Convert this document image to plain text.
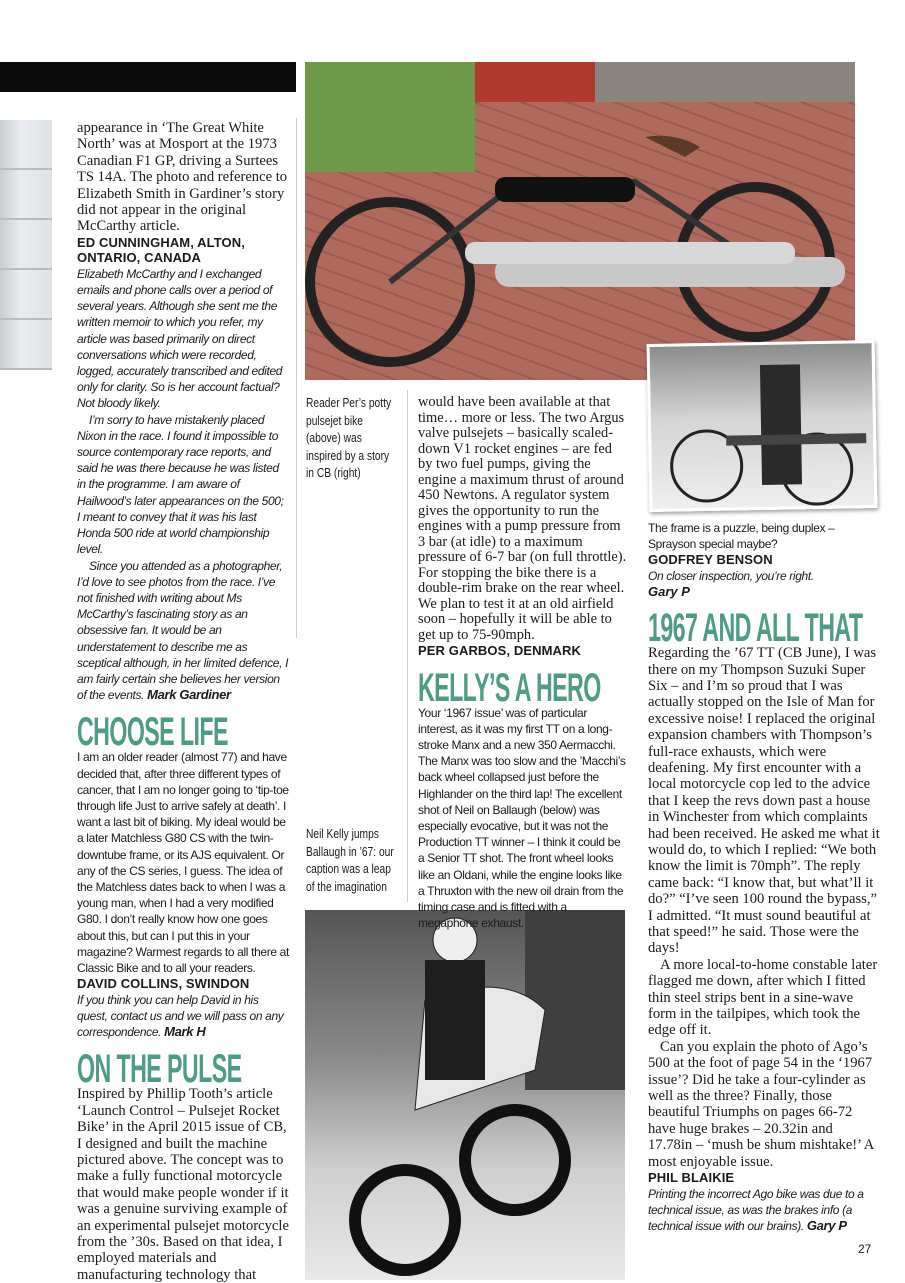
appearance in ‘The Great White North’ was at Mosport at the 1973 Canadian F1 GP, driving a Surtees TS 14A. The photo and reference to Elizabeth Smith in Gardiner’s story did not appear in the original McCarthy article.

ED CUNNINGHAM, ALTON, ONTARIO, CANADA

Elizabeth McCarthy and I exchanged emails and phone calls over a period of several years. Although she sent me the written memoir to which you refer, my article was based primarily on direct conversations which were recorded, logged, accurately transcribed and edited only for clarity. So is her account factual? Not bloody likely.

I’m sorry to have mistakenly placed Nixon in the race. I found it impossible to source contemporary race reports, and said he was there because he was listed in the programme. I am aware of Hailwood’s later appearances on the 500; I meant to convey that it was his last Honda 500 ride at world championship level.

Since you attended as a photographer, I’d love to see photos from the race. I’ve not finished with writing about Ms McCarthy’s fascinating story as an obsessive fan. It would be an understatement to describe me as sceptical although, in her limited defence, I am fairly certain she believes her version of the events. Mark Gardiner

CHOOSE LIFE

I am an older reader (almost 77) and have decided that, after three different types of cancer, that I am no longer going to ‘tip-toe through life Just to arrive safely at death’. I want a last bit of biking. My ideal would be a later Matchless G80 CS with the twin-downtube frame, or its AJS equivalent. Or any of the CS series, I guess. The idea of the Matchless dates back to when I was a young man, when I had a very modified G80. I don’t really know how one goes about this, but can I put this in your magazine? Warmest regards to all there at Classic Bike and to all your readers.

DAVID COLLINS, SWINDON

If you think you can help David in his quest, contact us and we will pass on any correspondence. Mark H

ON THE PULSE

Inspired by Phillip Tooth’s article ‘Launch Control – Pulsejet Rocket Bike’ in the April 2015 issue of CB, I designed and built the machine pictured above. The concept was to make a fully functional motorcycle that would make people wonder if it was a genuine surviving example of an experimental pulsejet motorcycle from the ’30s. Based on that idea, I employed materials and manufacturing technology that

Reader Per’s potty pulsejet bike (above) was inspired by a story in CB (right)

Neil Kelly jumps Ballaugh in ’67: our caption was a leap of the imagination

would have been available at that time… more or less. The two Argus valve pulsejets – basically scaled-down V1 rocket engines – are fed by two fuel pumps, giving the engine a maximum thrust of around 450 Newtons. A regulator system gives the opportunity to run the engines with a pump pressure from 3 bar (at idle) to a maximum pressure of 6-7 bar (on full throttle). For stopping the bike there is a double-rim brake on the rear wheel. We plan to test it at an old airfield soon – hopefully it will be able to get up to 75-90mph.

PER GARBOS, DENMARK

KELLY’S A HERO

Your ‘1967 issue’ was of particular interest, as it was my first TT on a long-stroke Manx and a new 350 Aermacchi. The Manx was too slow and the ’Macchi’s back wheel collapsed just before the Highlander on the third lap! The excellent shot of Neil on Ballaugh (below) was especially evocative, but it was not the Production TT winner – I think it could be a Senior TT shot. The front wheel looks like an Oldani, while the engine looks like a Thruxton with the new oil drain from the timing case and is fitted with a megaphone exhaust.

The frame is a puzzle, being duplex – Sprayson special maybe?

GODFREY BENSON

On closer inspection, you’re right.

Gary P

1967 AND ALL THAT

Regarding the ’67 TT (CB June), I was there on my Thompson Suzuki Super Six – and I’m so proud that I was actually stopped on the Isle of Man for excessive noise! I replaced the original expansion chambers with Thompson’s full-race exhausts, which were deafening. My first encounter with a local motorcycle cop led to the advice that I keep the revs down past a house in Winchester from which complaints had been received. He asked me what it would do, to which I replied: “We both know the limit is 70mph”. The reply came back: “I know that, but what’ll it do?” “I’ve seen 100 round the bypass,” I admitted. “It must sound beautiful at that speed!” he said. Those were the days!

A more local-to-home constable later flagged me down, after which I fitted thin steel strips bent in a sine-wave form in the tailpipes, which took the edge off it.

Can you explain the photo of Ago’s 500 at the foot of page 54 in the ‘1967 issue’? Did he take a four-cylinder as well as the three? Finally, those beautiful Triumphs on pages 66-72 have huge brakes – 20.32in and 17.78in – ‘mush be shum mishtake!’ A most enjoyable issue.

PHIL BLAIKIE

Printing the incorrect Ago bike was due to a technical issue, as was the brakes info (a technical issue with our brains). Gary P

27
